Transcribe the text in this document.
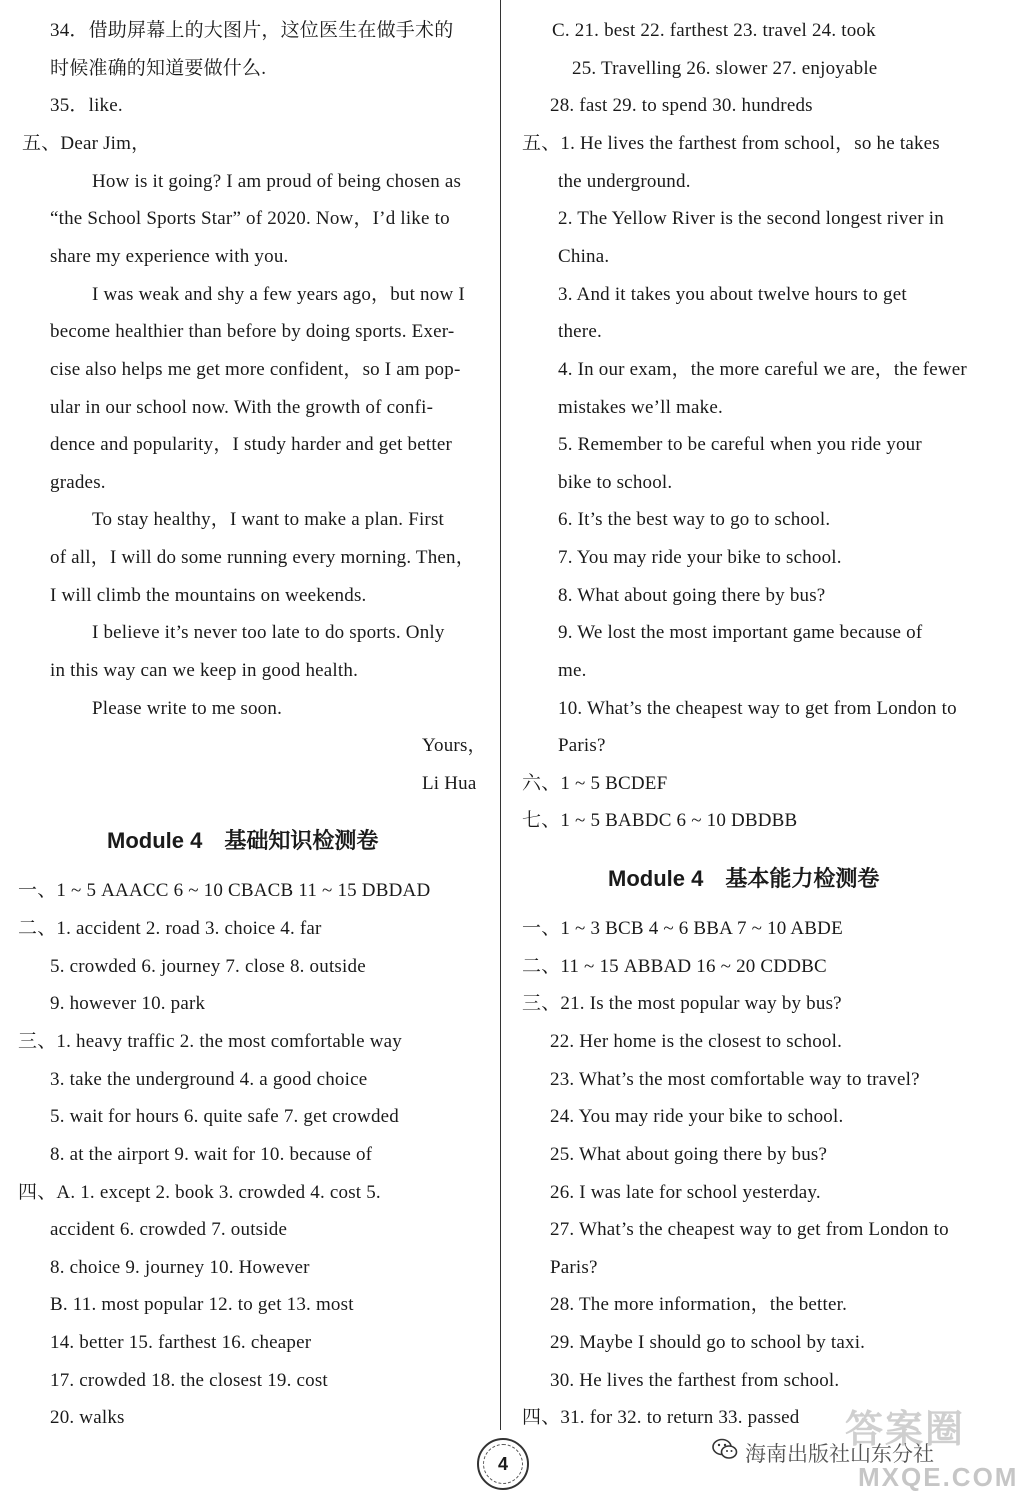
34．借助屏幕上的大图片，这位医生在做手术的
时候准确的知道要做什么.
35．like.
五、Dear Jim，
How is it going? I am proud of being chosen as
“the School Sports Star” of 2020. Now，I’d like to
share my experience with you.
I was weak and shy a few years ago，but now I
become healthier than before by doing sports. Exer-
cise also helps me get more confident，so I am pop-
ular in our school now. With the growth of confi-
dence and popularity，I study harder and get better
grades.
To stay healthy，I want to make a plan. First
of all，I will do some running every morning. Then，
I will climb the mountains on weekends.
I believe it’s never too late to do sports. Only
in this way can we keep in good health.
Please write to me soon.
Yours，
Li Hua
一、1 ~ 5 AAACC 6 ~ 10 CBACB 11 ~ 15 DBDAD
二、1. accident 2. road 3. choice 4. far
5. crowded 6. journey 7. close 8. outside
9. however 10. park
三、1. heavy traffic 2. the most comfortable way
3. take the underground 4. a good choice
5. wait for hours 6. quite safe 7. get crowded
8. at the airport 9. wait for 10. because of
四、A. 1. except 2. book 3. crowded 4. cost 5.
accident 6. crowded 7. outside
8. choice 9. journey 10. However
B. 11. most popular 12. to get 13. most
14. better 15. farthest 16. cheaper
17. crowded 18. the closest 19. cost
20. walks
C. 21. best 22. farthest 23. travel 24. took
25. Travelling 26. slower 27. enjoyable
28. fast 29. to spend 30. hundreds
五、1. He lives the farthest from school，so he takes
the underground.
2. The Yellow River is the second longest river in
China.
3. And it takes you about twelve hours to get
there.
4. In our exam，the more careful we are，the fewer
mistakes we’ll make.
5. Remember to be careful when you ride your
bike to school.
6. It’s the best way to go to school.
7. You may ride your bike to school.
8. What about going there by bus?
9. We lost the most important game because of
me.
10. What’s the cheapest way to get from London to
Paris?
六、1 ~ 5 BCDEF
七、1 ~ 5 BABDC 6 ~ 10 DBDBB
一、1 ~ 3 BCB 4 ~ 6 BBA 7 ~ 10 ABDE
二、11 ~ 15 ABBAD 16 ~ 20 CDDBC
三、21. Is the most popular way by bus?
22. Her home is the closest to school.
23. What’s the most comfortable way to travel?
24. You may ride your bike to school.
25. What about going there by bus?
26. I was late for school yesterday.
27. What’s the cheapest way to get from London to
Paris?
28. The more information，the better.
29. Maybe I should go to school by taxi.
30. He lives the farthest from school.
四、31. for 32. to return 33. passed
Module 4　基础知识检测卷
Module 4　基本能力检测卷
4	海南出版社山东分社
答案圈
MXQE.COM
